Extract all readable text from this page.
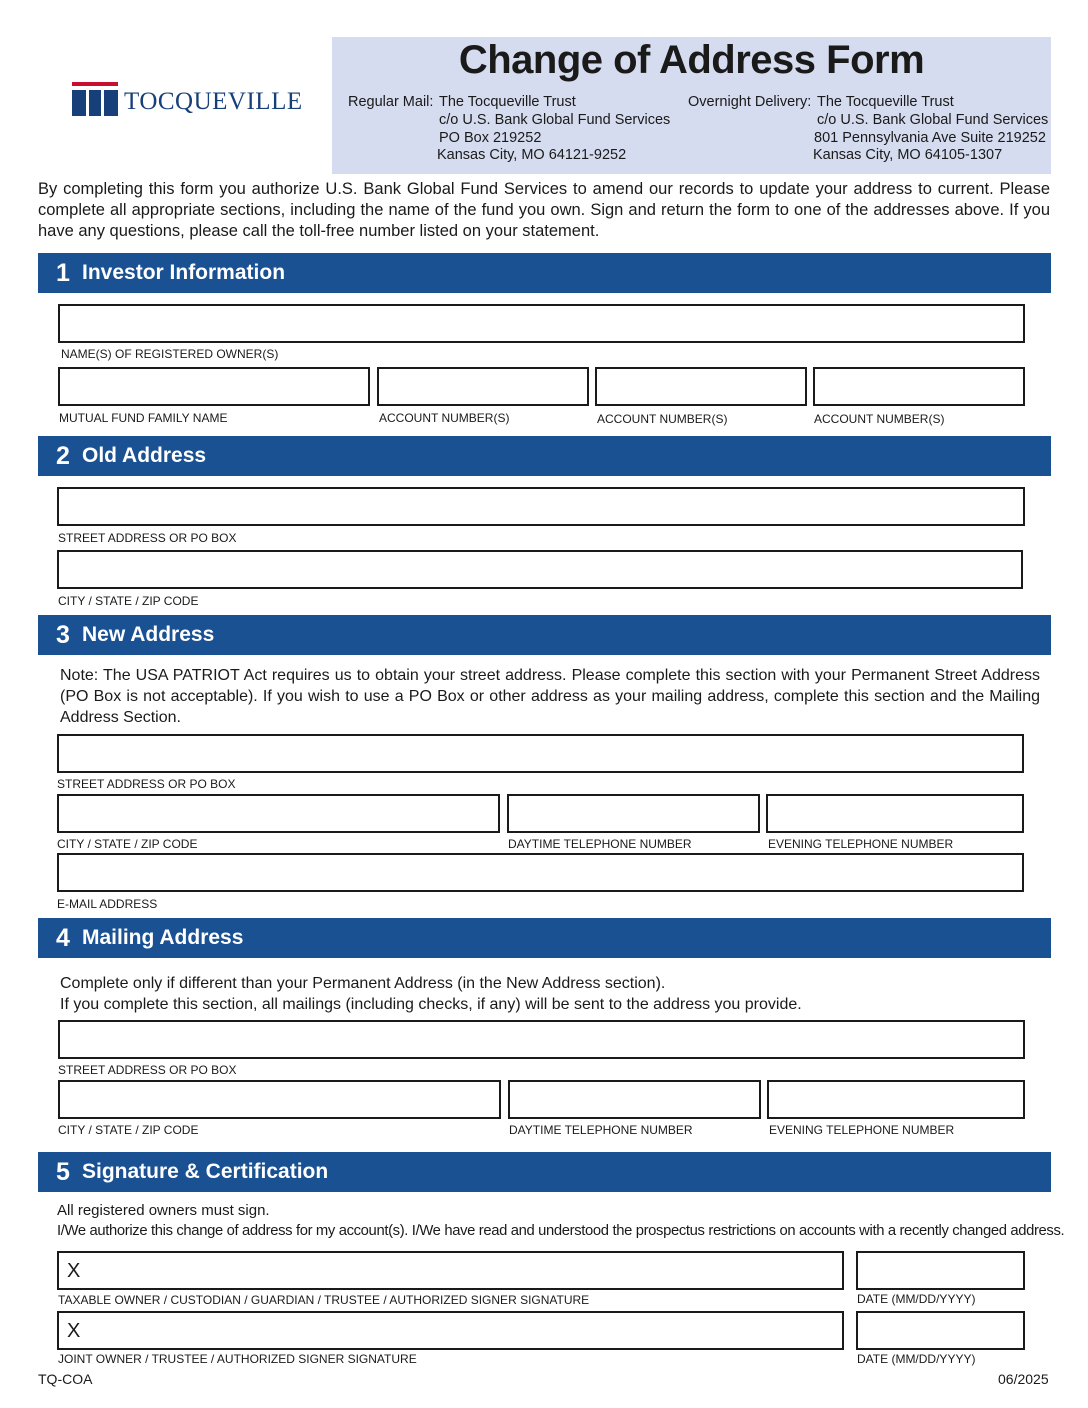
TOCQUEVILLE
Change of Address Form
Regular Mail: The Tocqueville Trust
c/o U.S. Bank Global Fund Services
PO Box 219252
Kansas City, MO 64121-9252
Overnight Delivery: The Tocqueville Trust
c/o U.S. Bank Global Fund Services
801 Pennsylvania Ave Suite 219252
Kansas City, MO 64105-1307
By completing this form you authorize U.S. Bank Global Fund Services to amend our records to update your address to current. Please complete all appropriate sections, including the name of the fund you own. Sign and return the form to one of the addresses above. If you have any questions, please call the toll-free number listed on your statement.
1 Investor Information
NAME(S) OF REGISTERED OWNER(S)
MUTUAL FUND FAMILY NAME	ACCOUNT NUMBER(S)	ACCOUNT NUMBER(S)	ACCOUNT NUMBER(S)
2 Old Address
STREET ADDRESS OR PO BOX
CITY / STATE / ZIP CODE
3 New Address
Note: The USA PATRIOT Act requires us to obtain your street address. Please complete this section with your Permanent Street Address (PO Box is not acceptable). If you wish to use a PO Box or other address as your mailing address, complete this section and the Mailing Address Section.
STREET ADDRESS OR PO BOX
CITY / STATE / ZIP CODE	DAYTIME TELEPHONE NUMBER	EVENING TELEPHONE NUMBER
E-MAIL ADDRESS
4 Mailing Address
Complete only if different than your Permanent Address (in the New Address section).
If you complete this section, all mailings (including checks, if any) will be sent to the address you provide.
STREET ADDRESS OR PO BOX
CITY / STATE / ZIP CODE	DAYTIME TELEPHONE NUMBER	EVENING TELEPHONE NUMBER
5 Signature & Certification
All registered owners must sign.
I/We authorize this change of address for my account(s). I/We have read and understood the prospectus restrictions on accounts with a recently changed address.
X
TAXABLE OWNER / CUSTODIAN / GUARDIAN / TRUSTEE / AUTHORIZED SIGNER SIGNATURE	DATE (MM/DD/YYYY)
X
JOINT OWNER / TRUSTEE / AUTHORIZED SIGNER SIGNATURE	DATE (MM/DD/YYYY)
TQ-COA	06/2025
